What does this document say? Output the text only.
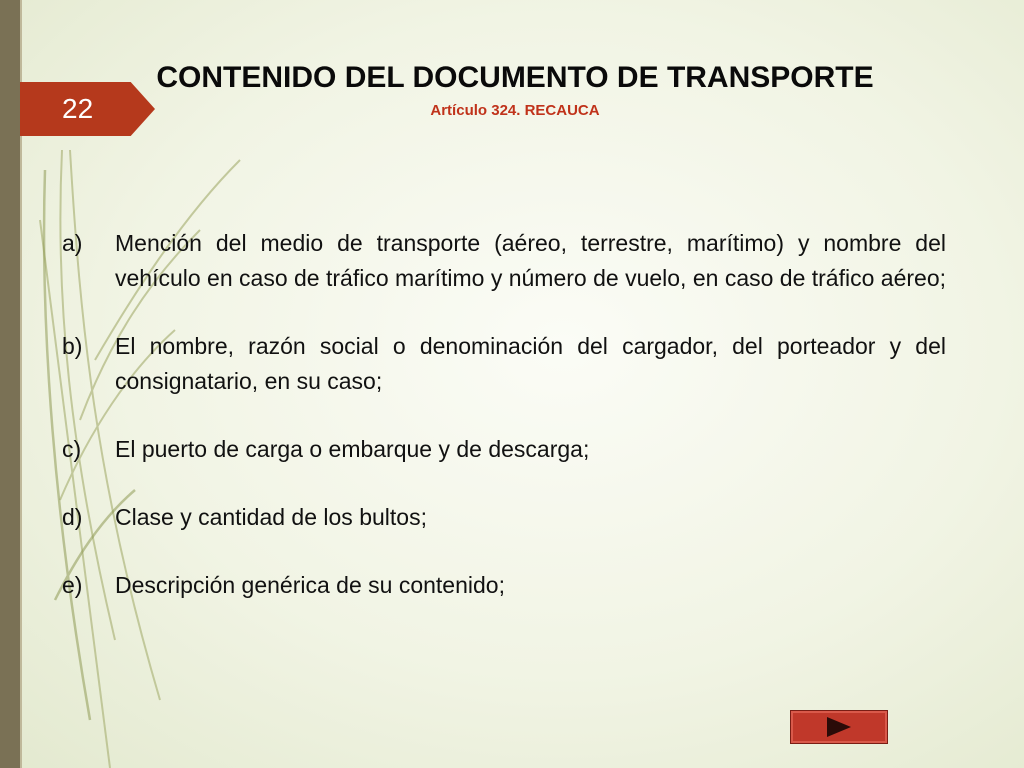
22
CONTENIDO DEL DOCUMENTO DE TRANSPORTE
Artículo 324. RECAUCA
a) Mención del medio de transporte (aéreo, terrestre, marítimo) y nombre del vehículo en caso de tráfico marítimo y número de vuelo, en caso de tráfico aéreo;
b) El nombre, razón social o denominación del cargador, del porteador y del consignatario, en su caso;
c) El puerto de carga o embarque y de descarga;
d) Clase y cantidad de los bultos;
e) Descripción genérica de su contenido;
